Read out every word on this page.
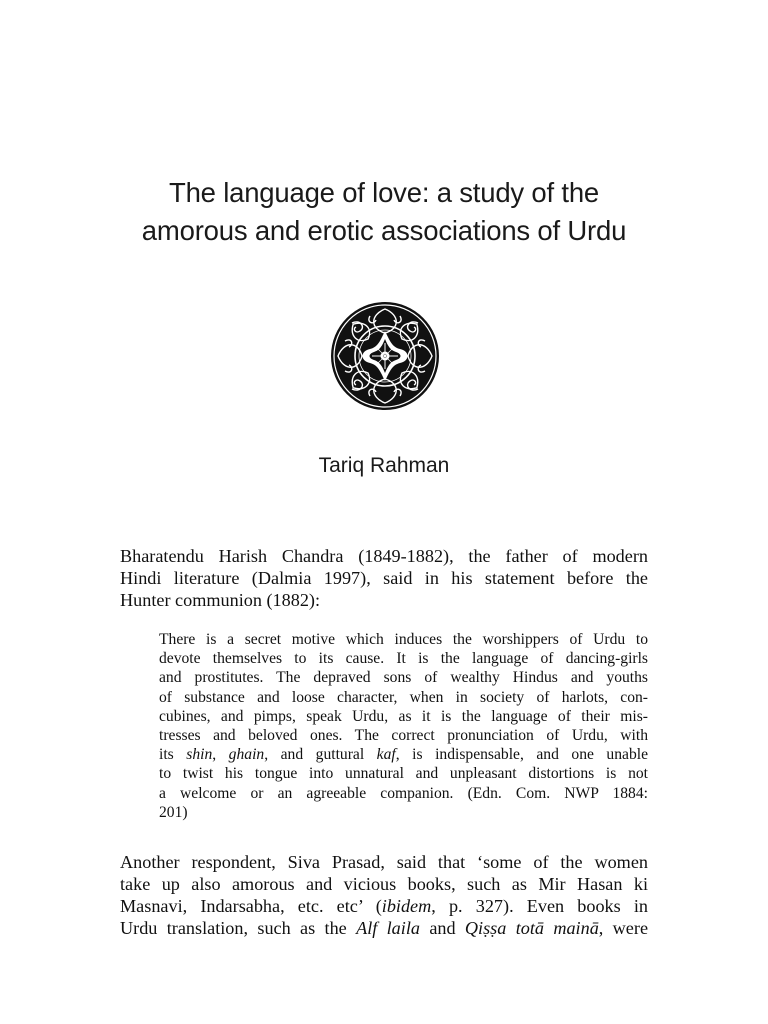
The language of love: a study of the
amorous and erotic associations of Urdu
Tariq Rahman
Bharatendu Harish Chandra (1849-1882), the father of modern
Hindi literature (Dalmia 1997), said in his statement before the
Hunter communion (1882):
There is a secret motive which induces the worshippers of Urdu to
devote themselves to its cause. It is the language of dancing-girls
and prostitutes. The depraved sons of wealthy Hindus and youths
of substance and loose character, when in society of harlots, con-
cubines, and pimps, speak Urdu, as it is the language of their mis-
tresses and beloved ones. The correct pronunciation of Urdu, with
its shin, ghain, and guttural kaf, is indispensable, and one unable
to twist his tongue into unnatural and unpleasant distortions is not
a welcome or an agreeable companion. (Edn. Com. NWP 1884:
201)
Another respondent, Siva Prasad, said that ‘some of the women
take up also amorous and vicious books, such as Mir Hasan ki
Masnavi, Indarsabha, etc. etc’ (ibidem, p. 327). Even books in
Urdu translation, such as the Alf laila and Qiṣṣa totā mainā, were
